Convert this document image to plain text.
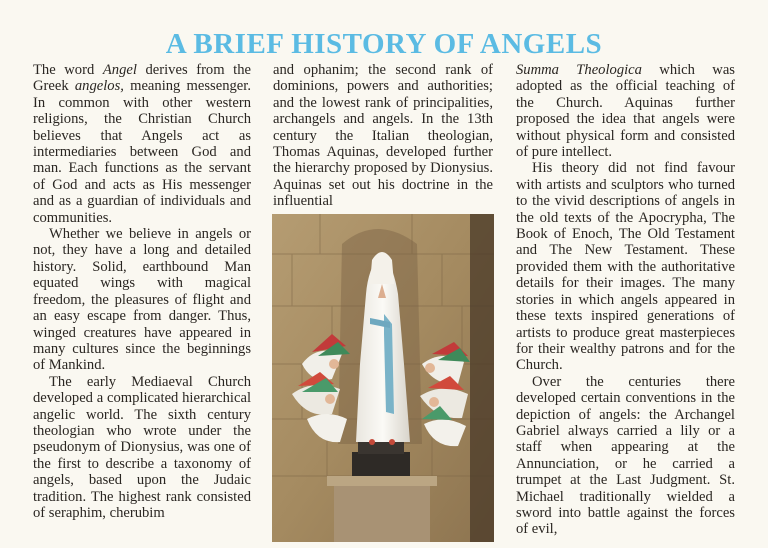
A BRIEF HISTORY OF ANGELS

The word Angel derives from the Greek angelos, meaning messenger. In common with other western religions, the Christian Church believes that Angels act as intermediaries between God and man. Each functions as the servant of God and acts as His messenger and as a guardian of individuals and communities.

Whether we believe in angels or not, they have a long and detailed history. Solid, earthbound Man equated wings with magical freedom, the pleasures of flight and an easy escape from danger. Thus, winged creatures have appeared in many cultures since the beginnings of Mankind.

The early Mediaeval Church developed a complicated hierarchical angelic world. The sixth century theologian who wrote under the pseudonym of Dionysius, was one of the first to describe a taxonomy of angels, based upon the Judaic tradition. The highest rank consisted of seraphim, cherubim

and ophanim; the second rank of dominions, powers and authorities; and the lowest rank of principalities, archangels and angels. In the 13th century the Italian theologian, Thomas Aquinas, developed further the hierarchy proposed by Dionysius. Aquinas set out his doctrine in the influential

Summa Theologica which was adopted as the official teaching of the Church. Aquinas further proposed the idea that angels were without physical form and consisted of pure intellect.

His theory did not find favour with artists and sculptors who turned to the vivid descriptions of angels in the old texts of the Apocrypha, The Book of Enoch, The Old Testament and The New Testament. These provided them with the authoritative details for their images. The many stories in which angels appeared in these texts inspired generations of artists to produce great masterpieces for their wealthy patrons and for the Church.

Over the centuries there developed certain conventions in the depiction of angels: the Archangel Gabriel always carried a lily or a staff when appearing at the Annunciation, or he carried a trumpet at the Last Judgment. St. Michael traditionally wielded a sword into battle against the forces of evil,
